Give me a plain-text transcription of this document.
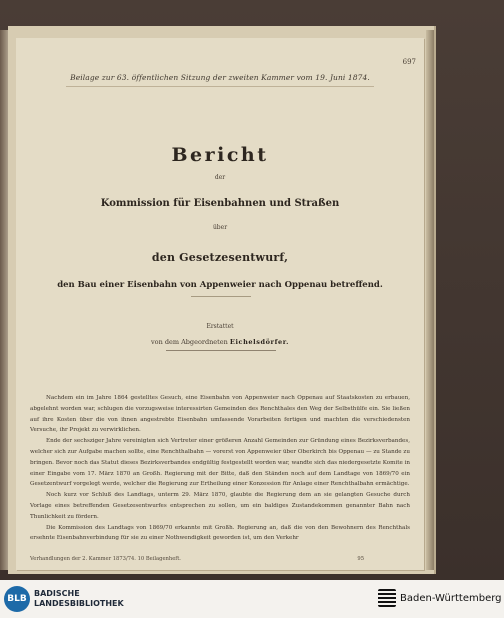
697
Beilage zur 63. öffentlichen Sitzung der zweiten Kammer vom 19. Juni 1874.
Bericht
der
Kommission für Eisenbahnen und Straßen
über
den Gesetzesentwurf,
den Bau einer Eisenbahn von Appenweier nach Oppenau betreffend.
Erstattet
von dem Abgeordneten Eichelsdörfer.

Nachdem ein im Jahre 1864 gestelltes Gesuch, eine Eisenbahn von Appenweier nach Oppenau auf Staatskosten zu erbauen, abgelehnt worden war, schlugen die vorzugsweise interessirten Gemeinden des Renchthales den Weg der Selbsthülfe ein. Sie ließen auf ihre Kosten über die von ihnen angestrebte Eisenbahn umfassende Vorarbeiten fertigen und machten die verschiedensten Versuche, ihr Projekt zu verwirklichen.

Ende der sechsziger Jahre vereinigten sich Vertreter einer größeren Anzahl Gemeinden zur Gründung eines Bezirksverbandes, welcher sich zur Aufgabe machen sollte, eine Renchthalbahn — vorerst von Appenweier über Oberkirch bis Oppenau — zu Stande zu bringen. Bevor noch das Statut dieses Bezirksverbandes endgültig festgestellt worden war, wandte sich das niedergesetzte Komite in einer Eingabe vom 17. März 1870 an Großh. Regierung mit der Bitte, daß den Ständen noch auf dem Landtage von 1869/70 ein Gesetzentwurf vorgelegt werde, welcher die Regierung zur Ertheilung einer Konzession für Anlage einer Renchthalbahn ermächtige.

Noch kurz vor Schluß des Landtags, unterm 29. März 1870, glaubte die Regierung dem an sie gelangten Gesuche durch Vorlage eines betreffenden Gesetzesentwurfes entsprechen zu sollen, um ein baldiges Zustandekommen genannter Bahn nach Thunlichkeit zu fördern.

Die Kommission des Landtags von 1869/70 erkannte mit Großh. Regierung an, daß die von den Bewohnern des Renchthals ersehnte Eisenbahnverbindung für sie zu einer Nothwendigkeit geworden ist, um den Verkehr

Verhandlungen der 2. Kammer 1873/74. 10 Beilagenheft.	95
BLB
BADISCHE
LANDESBIBLIOTHEK	Baden-Württemberg
